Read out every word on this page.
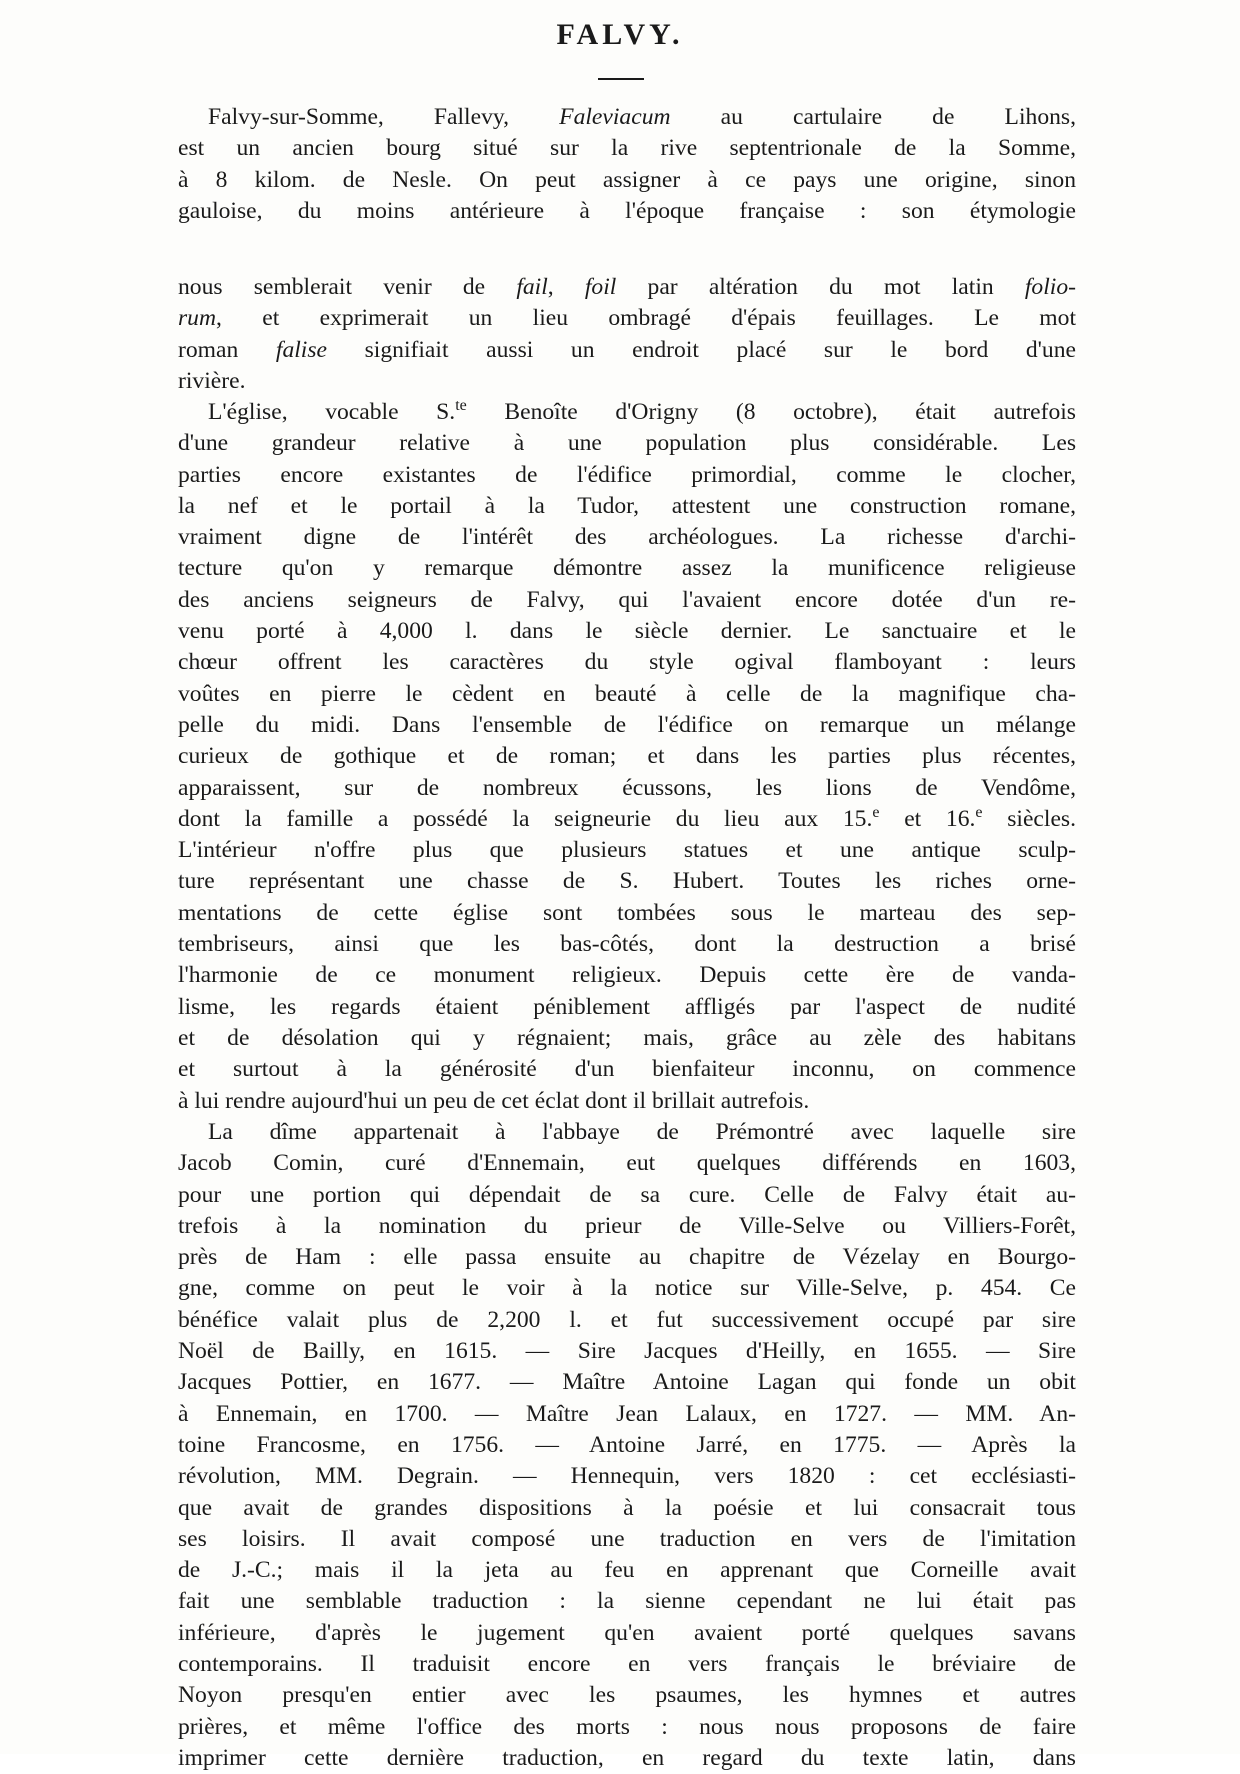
FALVY.
Falvy-sur-Somme, Fallevy, Faleviacum au cartulaire de Lihons,
est un ancien bourg situé sur la rive septentrionale de la Somme,
à 8 kilom. de Nesle. On peut assigner à ce pays une origine, sinon
gauloise, du moins antérieure à l'époque française : son étymologie
nous semblerait venir de fail, foil par altération du mot latin folio-
rum, et exprimerait un lieu ombragé d'épais feuillages. Le mot
roman falise signifiait aussi un endroit placé sur le bord d'une
rivière.
L'église, vocable S.$^{te}$ Benoîte d'Origny (8 octobre), était autrefois
d'une grandeur relative à une population plus considérable. Les
parties encore existantes de l'édifice primordial, comme le clocher,
la nef et le portail à la Tudor, attestent une construction romane,
vraiment digne de l'intérêt des archéologues. La richesse d'archi-
tecture qu'on y remarque démontre assez la munificence religieuse
des anciens seigneurs de Falvy, qui l'avaient encore dotée d'un re-
venu porté à 4,000 l. dans le siècle dernier. Le sanctuaire et le
chœur offrent les caractères du style ogival flamboyant : leurs
voûtes en pierre le cèdent en beauté à celle de la magnifique cha-
pelle du midi. Dans l'ensemble de l'édifice on remarque un mélange
curieux de gothique et de roman; et dans les parties plus récentes,
apparaissent, sur de nombreux écussons, les lions de Vendôme,
dont la famille a possédé la seigneurie du lieu aux 15.$^e$ et 16.$^e$ siècles.
L'intérieur n'offre plus que plusieurs statues et une antique sculp-
ture représentant une chasse de S. Hubert. Toutes les riches orne-
mentations de cette église sont tombées sous le marteau des sep-
tembriseurs, ainsi que les bas-côtés, dont la destruction a brisé
l'harmonie de ce monument religieux. Depuis cette ère de vanda-
lisme, les regards étaient péniblement affligés par l'aspect de nudité
et de désolation qui y régnaient; mais, grâce au zèle des habitans
et surtout à la générosité d'un bienfaiteur inconnu, on commence
à lui rendre aujourd'hui un peu de cet éclat dont il brillait autrefois.
La dîme appartenait à l'abbaye de Prémontré avec laquelle sire
Jacob Comin, curé d'Ennemain, eut quelques différends en 1603,
pour une portion qui dépendait de sa cure. Celle de Falvy était au-
trefois à la nomination du prieur de Ville-Selve ou Villiers-Forêt,
près de Ham : elle passa ensuite au chapitre de Vézelay en Bourgo-
gne, comme on peut le voir à la notice sur Ville-Selve, p. 454. Ce
bénéfice valait plus de 2,200 l. et fut successivement occupé par sire
Noël de Bailly, en 1615. — Sire Jacques d'Heilly, en 1655. — Sire
Jacques Pottier, en 1677. — Maître Antoine Lagan qui fonde un obit
à Ennemain, en 1700. — Maître Jean Lalaux, en 1727. — MM. An-
toine Francosme, en 1756. — Antoine Jarré, en 1775. — Après la
révolution, MM. Degrain. — Hennequin, vers 1820 : cet ecclésiasti-
que avait de grandes dispositions à la poésie et lui consacrait tous
ses loisirs. Il avait composé une traduction en vers de l'imitation
de J.-C.; mais il la jeta au feu en apprenant que Corneille avait
fait une semblable traduction : la sienne cependant ne lui était pas
inférieure, d'après le jugement qu'en avaient porté quelques savans
contemporains. Il traduisit encore en vers français le bréviaire de
Noyon presqu'en entier avec les psaumes, les hymnes et autres
prières, et même l'office des morts : nous nous proposons de faire
imprimer cette dernière traduction, en regard du texte latin, dans
